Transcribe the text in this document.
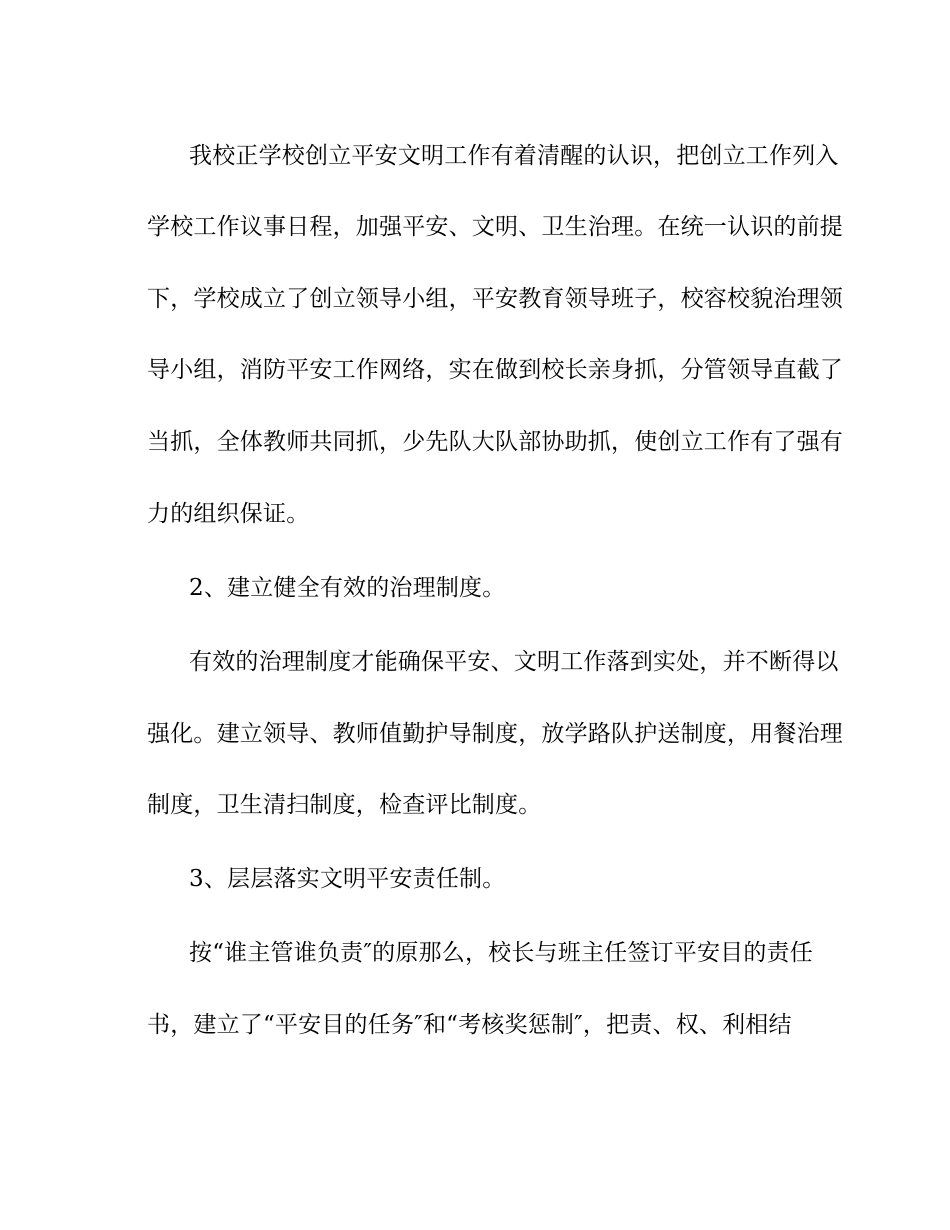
我校正学校创立平安文明工作有着清醒的认识，把创立工作列入
学校工作议事日程，加强平安、文明、卫生治理。在统一认识的前提
下，学校成立了创立领导小组，平安教育领导班子，校容校貌治理领
导小组，消防平安工作网络，实在做到校长亲身抓，分管领导直截了
当抓，全体教师共同抓，少先队大队部协助抓，使创立工作有了强有
力的组织保证。
2、建立健全有效的治理制度。
有效的治理制度才能确保平安、文明工作落到实处，并不断得以
强化。建立领导、教师值勤护导制度，放学路队护送制度，用餐治理
制度，卫生清扫制度，检查评比制度。
3、层层落实文明平安责任制。
按“谁主管谁负责″的原那么，校长与班主任签订平安目的责任
书，建立了“平安目的任务″和“考核奖惩制″，把责、权、利相结
